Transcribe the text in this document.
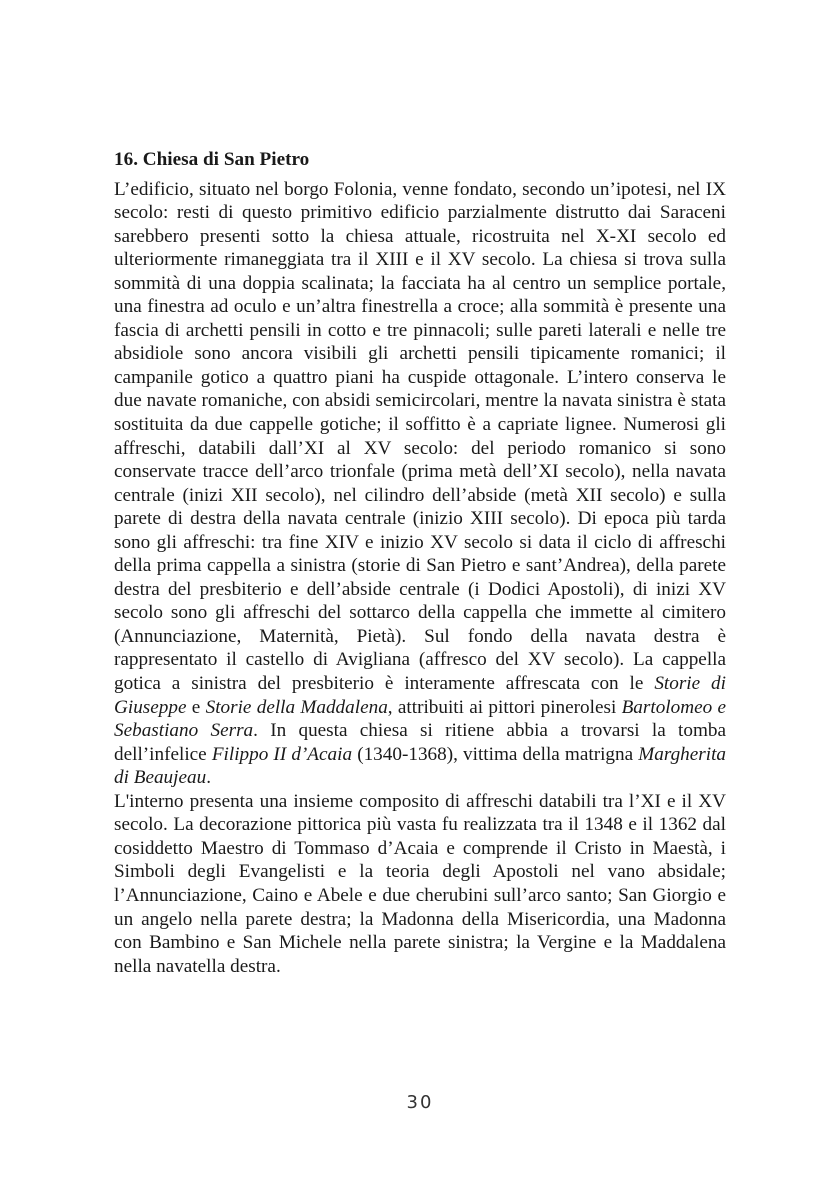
16. Chiesa di San Pietro

L’edificio, situato nel borgo Folonia, venne fondato, secondo un’ipotesi, nel IX secolo: resti di questo primitivo edificio parzialmente distrutto dai Saraceni sarebbero presenti sotto la chiesa attuale, ricostruita nel X-XI secolo ed ulteriormente rimaneggiata tra il XIII e il XV secolo. La chiesa si trova sulla sommità di una doppia scalinata; la facciata ha al centro un semplice portale, una finestra ad oculo e un’altra finestrella a croce; alla sommità è presente una fascia di archetti pensili in cotto e tre pinnacoli; sulle pareti laterali e nelle tre absidiole sono ancora visibili gli archetti pensili tipicamente romanici; il campanile gotico a quattro piani ha cuspide ottagonale. L’intero conserva le due navate romaniche, con absidi semicircolari, mentre la navata sinistra è stata sostituita da due cappelle gotiche; il soffitto è a capriate lignee. Numerosi gli affreschi, databili dall’XI al XV secolo: del periodo romanico si sono conservate tracce dell’arco trionfale (prima metà dell’XI secolo), nella navata centrale (inizi XII secolo), nel cilindro dell’abside (metà XII secolo) e sulla parete di destra della navata centrale (inizio XIII secolo). Di epoca più tarda sono gli affreschi: tra fine XIV e inizio XV secolo si data il ciclo di affreschi della prima cappella a sinistra (storie di San Pietro e sant’Andrea), della parete destra del presbiterio e dell’abside centrale (i Dodici Apostoli), di inizi XV secolo sono gli affreschi del sottarco della cappella che immette al cimitero (Annunciazione, Maternità, Pietà). Sul fondo della navata destra è rappresentato il castello di Avigliana (affresco del XV secolo). La cappella gotica a sinistra del presbiterio è interamente affrescata con le Storie di Giuseppe e Storie della Maddalena, attribuiti ai pittori pinerolesi Bartolomeo e Sebastiano Serra. In questa chiesa si ritiene abbia a trovarsi la tomba dell’infelice Filippo II d’Acaia (1340-1368), vittima della matrigna Margherita di Beaujeau.

L'interno presenta una insieme composito di affreschi databili tra l’XI e il XV secolo. La decorazione pittorica più vasta fu realizzata tra il 1348 e il 1362 dal cosiddetto Maestro di Tommaso d’Acaia e comprende il Cristo in Maestà, i Simboli degli Evangelisti e la teoria degli Apostoli nel vano absidale; l’Annunciazione, Caino e Abele e due cherubini sull’arco santo; San Giorgio e un angelo nella parete destra; la Madonna della Misericordia, una Madonna con Bambino e San Michele nella parete sinistra; la Vergine e la Maddalena nella navatella destra.

30
